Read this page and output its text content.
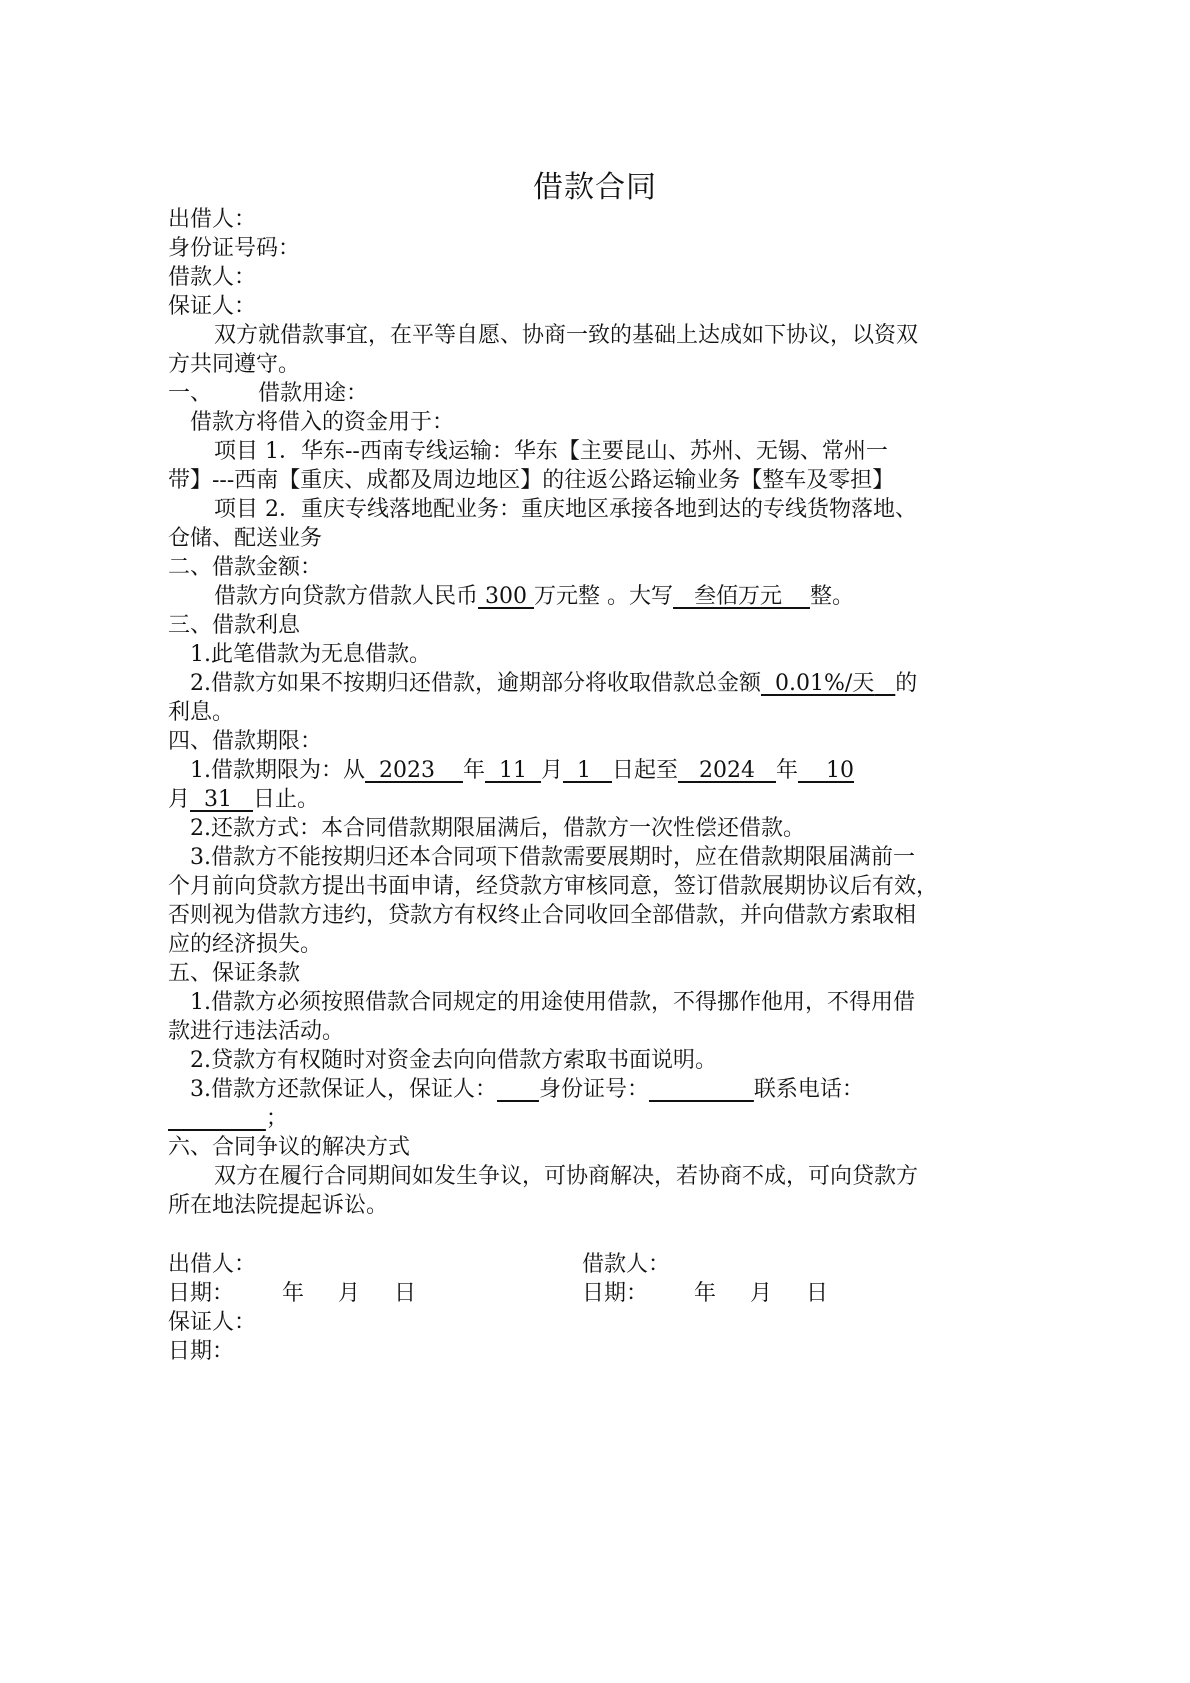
借款合同
出借人：
身份证号码：
借款人：
保证人：
双方就借款事宜，在平等自愿、协商一致的基础上达成如下协议，以资双
方共同遵守。
一、 借款用途：
借款方将借入的资金用于：
项目 1．华东--西南专线运输：华东【主要昆山、苏州、无锡、常州一
带】---西南【重庆、成都及周边地区】的往返公路运输业务【整车及零担】
项目 2．重庆专线落地配业务：重庆地区承接各地到达的专线货物落地、
仓储、配送业务
二、借款金额：
借款方向贷款方借款人民币 300 万元整 。大写 叁佰万元 整。
三、借款利息
1.此笔借款为无息借款。
2.借款方如果不按期归还借款，逾期部分将收取借款总金额 0.01%/天 的
利息。
四、借款期限：
1.借款期限为：从 2023 年 11 月 1 日起至 2024 年 10
月 31 日止。
2.还款方式：本合同借款期限届满后，借款方一次性偿还借款。
3.借款方不能按期归还本合同项下借款需要展期时，应在借款期限届满前一
个月前向贷款方提出书面申请，经贷款方审核同意，签订借款展期协议后有效，
否则视为借款方违约，贷款方有权终止合同收回全部借款，并向借款方索取相
应的经济损失。
五、保证条款
1.借款方必须按照借款合同规定的用途使用借款，不得挪作他用，不得用借
款进行违法活动。
2.贷款方有权随时对资金去向向借款方索取书面说明。
3.借款方还款保证人，保证人： 身份证号：	联系电话：
；
六、合同争议的解决方式
双方在履行合同期间如发生争议，可协商解决，若协商不成，可向贷款方
所在地法院提起诉讼。
出借人：	借款人：
日期： 年 月 日	日期： 年 月 日
保证人：
日期：
